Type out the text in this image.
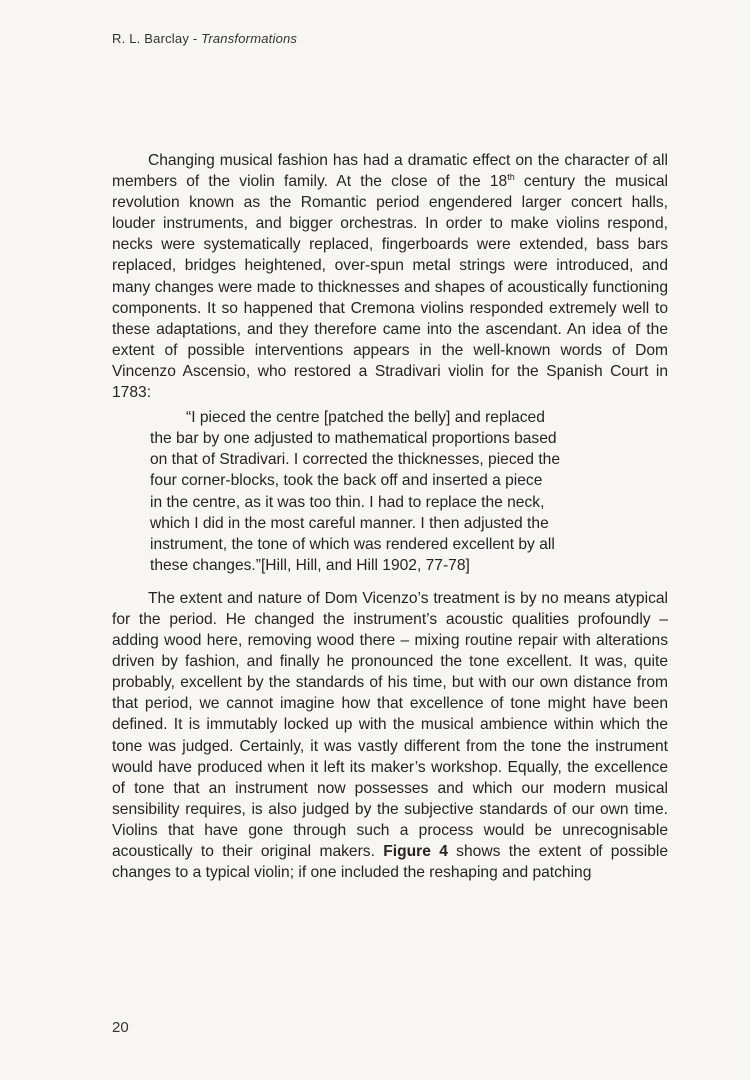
R. L. Barclay - Transformations

Changing musical fashion has had a dramatic effect on the character of all members of the violin family. At the close of the 18th century the musical revolution known as the Romantic period engendered larger concert halls, louder instruments, and bigger orchestras. In order to make violins respond, necks were systematically replaced, fingerboards were extended, bass bars replaced, bridges heightened, over-spun metal strings were introduced, and many changes were made to thicknesses and shapes of acoustically functioning components. It so happened that Cremona violins responded extremely well to these adaptations, and they therefore came into the ascendant. An idea of the extent of possible interventions appears in the well-known words of Dom Vincenzo Ascensio, who restored a Stradivari violin for the Spanish Court in 1783:

“I pieced the centre [patched the belly] and replaced
the bar by one adjusted to mathematical proportions based
on that of Stradivari. I corrected the thicknesses, pieced the
four corner-blocks, took the back off and inserted a piece
in the centre, as it was too thin. I had to replace the neck,
which I did in the most careful manner. I then adjusted the
instrument, the tone of which was rendered excellent by all
these changes.”[Hill, Hill, and Hill 1902, 77-78]

The extent and nature of Dom Vicenzo’s treatment is by no means atypical for the period. He changed the instrument’s acoustic qualities profoundly – adding wood here, removing wood there – mixing routine repair with alterations driven by fashion, and finally he pronounced the tone excellent. It was, quite probably, excellent by the standards of his time, but with our own distance from that period, we cannot imagine how that excellence of tone might have been defined. It is immutably locked up with the musical ambience within which the tone was judged. Certainly, it was vastly different from the tone the instrument would have produced when it left its maker’s workshop. Equally, the excellence of tone that an instrument now possesses and which our modern musical sensibility requires, is also judged by the subjective standards of our own time. Violins that have gone through such a process would be unrecognisable acoustically to their original makers. Figure 4 shows the extent of possible changes to a typical violin; if one included the reshaping and patching

20
